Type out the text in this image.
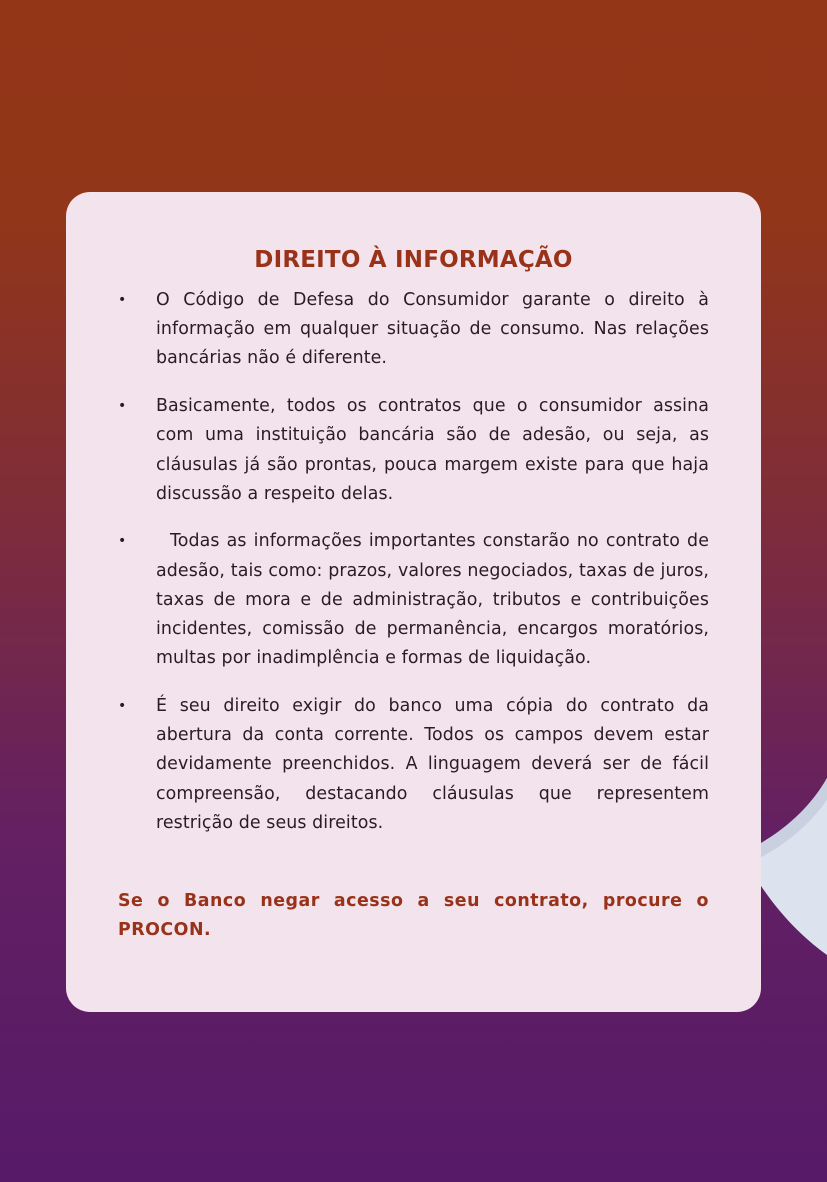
DIREITO À INFORMAÇÃO
• O Código de Defesa do Consumidor garante o direito à informação em qualquer situação de consumo. Nas relações bancárias não é diferente.
• Basicamente, todos os contratos que o consumidor assina com uma instituição bancária são de adesão, ou seja, as cláusulas já são prontas, pouca margem existe para que haja discussão a respeito delas.
•	Todas as informações importantes constarão no contrato de adesão, tais como: prazos, valores negociados, taxas de juros, taxas de mora e de administração, tributos e contribuições incidentes, comissão de permanência, encargos moratórios, multas por inadimplência e formas de liquidação.
• É seu direito exigir do banco uma cópia do contrato da abertura da conta corrente. Todos os campos devem estar devidamente preenchidos. A linguagem deverá ser de fácil compreensão, destacando cláusulas que representem restrição de seus direitos.

Se o Banco negar acesso a seu contrato, procure o PROCON.
